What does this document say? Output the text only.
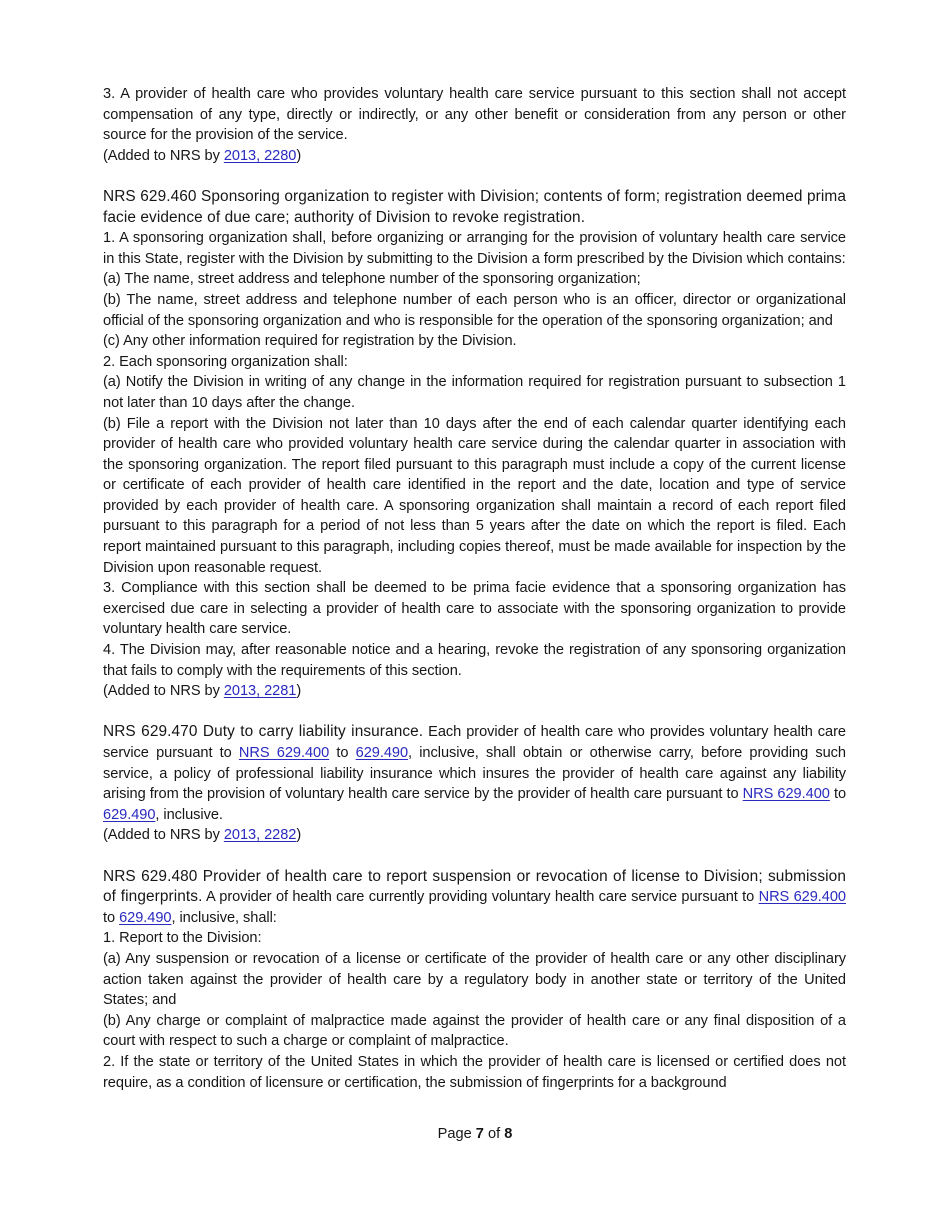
3. A provider of health care who provides voluntary health care service pursuant to this section shall not accept compensation of any type, directly or indirectly, or any other benefit or consideration from any person or other source for the provision of the service.

(Added to NRS by 2013, 2280)

NRS 629.460 Sponsoring organization to register with Division; contents of form; registration deemed prima facie evidence of due care; authority of Division to revoke registration.

1. A sponsoring organization shall, before organizing or arranging for the provision of voluntary health care service in this State, register with the Division by submitting to the Division a form prescribed by the Division which contains:

(a) The name, street address and telephone number of the sponsoring organization;

(b) The name, street address and telephone number of each person who is an officer, director or organizational official of the sponsoring organization and who is responsible for the operation of the sponsoring organization; and

(c) Any other information required for registration by the Division.

2. Each sponsoring organization shall:

(a) Notify the Division in writing of any change in the information required for registration pursuant to subsection 1 not later than 10 days after the change.

(b) File a report with the Division not later than 10 days after the end of each calendar quarter identifying each provider of health care who provided voluntary health care service during the calendar quarter in association with the sponsoring organization. The report filed pursuant to this paragraph must include a copy of the current license or certificate of each provider of health care identified in the report and the date, location and type of service provided by each provider of health care. A sponsoring organization shall maintain a record of each report filed pursuant to this paragraph for a period of not less than 5 years after the date on which the report is filed. Each report maintained pursuant to this paragraph, including copies thereof, must be made available for inspection by the Division upon reasonable request.

3. Compliance with this section shall be deemed to be prima facie evidence that a sponsoring organization has exercised due care in selecting a provider of health care to associate with the sponsoring organization to provide voluntary health care service.

4. The Division may, after reasonable notice and a hearing, revoke the registration of any sponsoring organization that fails to comply with the requirements of this section.

(Added to NRS by 2013, 2281)

NRS 629.470 Duty to carry liability insurance. Each provider of health care who provides voluntary health care service pursuant to NRS 629.400 to 629.490, inclusive, shall obtain or otherwise carry, before providing such service, a policy of professional liability insurance which insures the provider of health care against any liability arising from the provision of voluntary health care service by the provider of health care pursuant to NRS 629.400 to 629.490, inclusive.

(Added to NRS by 2013, 2282)

NRS 629.480 Provider of health care to report suspension or revocation of license to Division; submission of fingerprints. A provider of health care currently providing voluntary health care service pursuant to NRS 629.400 to 629.490, inclusive, shall:

1. Report to the Division:

(a) Any suspension or revocation of a license or certificate of the provider of health care or any other disciplinary action taken against the provider of health care by a regulatory body in another state or territory of the United States; and

(b) Any charge or complaint of malpractice made against the provider of health care or any final disposition of a court with respect to such a charge or complaint of malpractice.

2. If the state or territory of the United States in which the provider of health care is licensed or certified does not require, as a condition of licensure or certification, the submission of fingerprints for a background

Page 7 of 8
